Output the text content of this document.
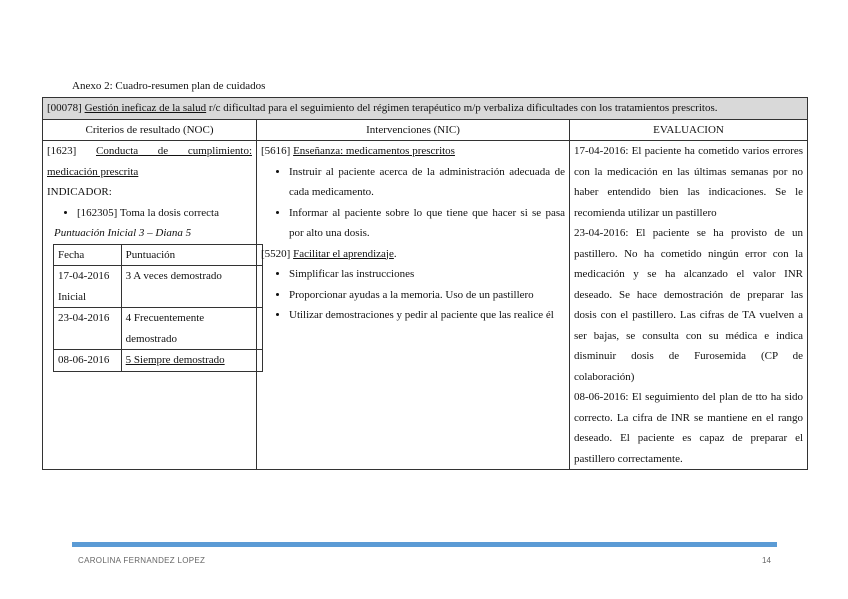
Anexo 2: Cuadro-resumen plan de cuidados
[00078] Gestión ineficaz de la salud r/c dificultad para el seguimiento del régimen terapéutico m/p verbaliza dificultades con los tratamientos prescritos.
Criterios de resultado (NOC)	Intervenciones (NIC)	EVALUACION

[1623] Conducta de cumplimiento:
medicación prescrita
INDICADOR:
• [162305] Toma la dosis correcta
Puntuación Inicial 3 – Diana 5
Fecha	Puntuación
17-04-2016 Inicial	3 A veces demostrado
23-04-2016	4 Frecuentemente demostrado
08-06-2016	5 Siempre demostrado

[5616] Enseñanza: medicamentos prescritos
• Instruir al paciente acerca de la administración adecuada de cada medicamento.
• Informar al paciente sobre lo que tiene que hacer si se pasa por alto una dosis.
[5520] Facilitar el aprendizaje.
• Simplificar las instrucciones
• Proporcionar ayudas a la memoria. Uso de un pastillero
• Utilizar demostraciones y pedir al paciente que las realice él

17-04-2016: El paciente ha cometido varios errores con la medicación en las últimas semanas por no haber entendido bien las indicaciones. Se le recomienda utilizar un pastillero
23-04-2016: El paciente se ha provisto de un pastillero. No ha cometido ningún error con la medicación y se ha alcanzado el valor INR deseado. Se hace demostración de preparar las dosis con el pastillero. Las cifras de TA vuelven a ser bajas, se consulta con su médica e indica disminuir dosis de Furosemida (CP de colaboración)
08-06-2016: El seguimiento del plan de tto ha sido correcto. La cifra de INR se mantiene en el rango deseado. El paciente es capaz de preparar el pastillero correctamente.
CAROLINA FERNANDEZ LOPEZ	14
